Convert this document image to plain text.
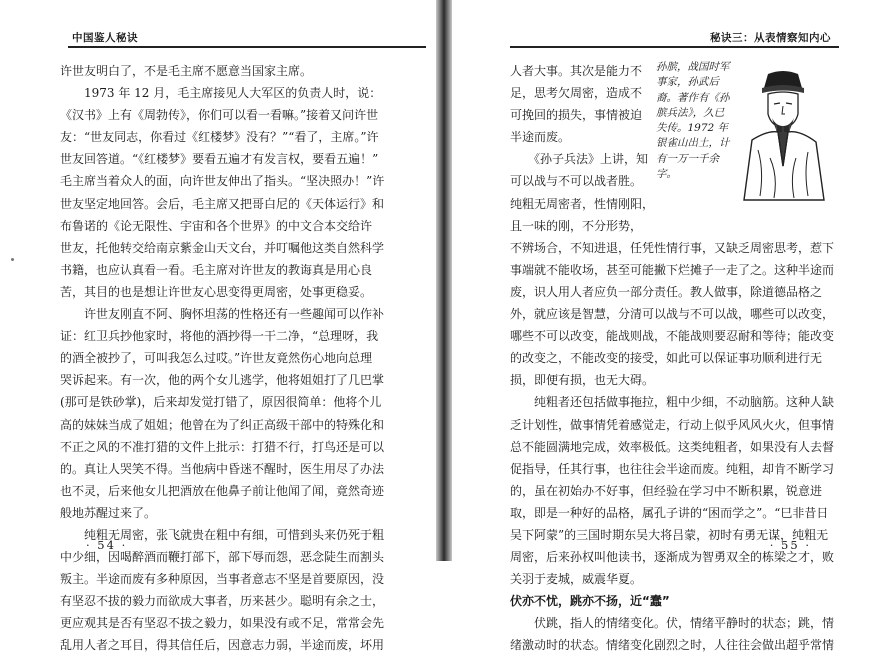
中国鉴人秘诀
许世友明白了，不是毛主席不愿意当国家主席。
　　1973 年 12 月，毛主席接见人大军区的负责人时，说：
《汉书》上有《周勃传》，你们可以看一看嘛。”接着又问许世
友：“世友同志，你看过《红楼梦》没有？”“看了，主席。”许
世友回答道。“《红楼梦》要看五遍才有发言权，要看五遍！”
毛主席当着众人的面，向许世友伸出了指头。“坚决照办！”许
世友坚定地回答。会后，毛主席又把哥白尼的《天体运行》和
布鲁诺的《论无限性、宇宙和各个世界》的中文合本交给许
世友，托他转交给南京紫金山天文台，并叮嘱他这类自然科学
书籍，也应认真看一看。毛主席对许世友的教诲真是用心良
苦，其目的也是想让许世友心思变得更周密，处事更稳妥。
　　许世友刚直不阿、胸怀坦荡的性格还有一些趣闻可以作补
证：红卫兵抄他家时，将他的酒抄得一干二净，“总理呀，我
的酒全被抄了，可叫我怎么过哎。”许世友竟然伤心地向总理
哭诉起来。有一次，他的两个女儿逃学，他将姐姐打了几巴掌
(那可是铁砂掌)，后来却发觉打错了，原因很简单：他将个儿
高的妹妹当成了姐姐；他曾在为了纠正高级干部中的特殊化和
不正之风的不准打猎的文件上批示：打猎不行，打鸟还是可以
的。真让人哭笑不得。当他病中昏迷不醒时，医生用尽了办法
也不灵，后来他女儿把酒放在他鼻子前让他闻了闻，竟然奇迹
般地苏醒过来了。
　　纯粗无周密，张飞就贵在粗中有细，可惜到头来仍死于粗
中少细，因喝醉酒而鞭打部下，部下辱而怨，恶念陡生而割头
叛主。半途而废有多种原因，当事者意志不坚是首要原因，没
有坚忍不拔的毅力而欲成大事者，历来甚少。聪明有余之士，
更应观其是否有坚忍不拔之毅力，如果没有或不足，常常会先
乱用人者之耳目，得其信任后，因意志力弱，半途而废，坏用
· 54 ·
秘诀三：从表情察知内心
人者大事。其次是能力不
足，思考欠周密，造成不
可挽回的损失，事情被迫
半途而废。
　　《孙子兵法》上讲，知
可以战与不可以战者胜。
纯粗无周密者，性情刚阳，
且一味的刚，不分形势，
不辨场合，不知进退，任凭性情行事，又缺乏周密思考，惹下
事端就不能收场，甚至可能撇下烂摊子一走了之。这种半途而
废，识人用人者应负一部分责任。教人做事，除道德品格之
外，就应该是智慧，分清可以战与不可以战，哪些可以改变，
哪些不可以改变，能战则战，不能战则要忍耐和等待；能改变
的改变之，不能改变的接受，如此可以保证事功顺利进行无
损，即便有损，也无大碍。
　　纯粗者还包括做事拖拉，粗中少细，不动脑筋。这种人缺
乏计划性，做事情凭着感觉走，行动上似乎风风火火，但事情
总不能圆满地完成，效率极低。这类纯粗者，如果没有人去督
促指导，任其行事，也往往会半途而废。纯粗，却肯不断学习
的，虽在初始办不好事，但经验在学习中不断积累，锐意进
取，即是一种好的品格，属孔子讲的“困而学之”。“巳非昔日
吴下阿蒙”的三国时期东吴大将吕蒙，初时有勇无谋，纯粗无
周密，后来孙权叫他读书，逐渐成为智勇双全的栋梁之才，败
关羽于麦城，威震华夏。
伏亦不忧，跳亦不扬，近“蠢”
　　伏跳，指人的情绪变化。伏，情绪平静时的状态；跳，情
绪激动时的状态。情绪变化剧烈之时，人往往会做出超乎常情
· 55 ·
孙膑，战国时军
事家，孙武后
裔。著作有《孙
膑兵法》，久已
失传。1972 年
银雀山出土，计
有一万一千余
字。
